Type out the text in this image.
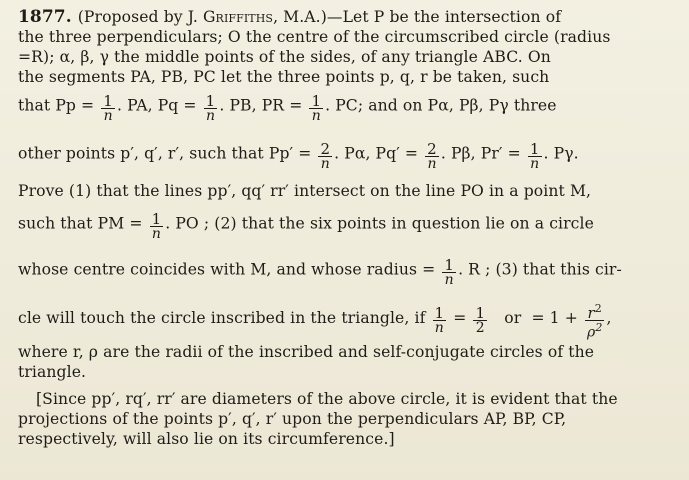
1877. (Proposed by J. Griffiths, M.A.)—Let P be the intersection of
the three perpendiculars; O the centre of the circumscribed circle (radius
=R); α, β, γ the middle points of the sides, of any triangle ABC. On
the segments PA, PB, PC let the three points p, q, r be taken, such
that $Pp = \frac{1}{n}$ . PA, $Pq = \frac{1}{n}$ . PB, PR = $\frac{1}{n}$ . PC; and on Pα, Pβ, Pγ three
other points p′, q′, r′, such that $Pp' = \frac{2}{n}$ . Pα, $Pq' = \frac{2}{n}$ . Pβ, $Pr' = \frac{1}{n}$ . Pγ.
Prove (1) that the lines pp′, qq′ rr′ intersect on the line PO in a point M,
such that PM = $\frac{1}{n}$ . PO ; (2) that the six points in question lie on a circle
whose centre coincides with M, and whose radius = $\frac{1}{n}$ . R ; (3) that this cir-
cle will touch the circle inscribed in the triangle, if $\frac{1}{n} = \frac{1}{2}$ or = $1 + \frac{r^2}{\rho^2}$ ,
where r, ρ are the radii of the inscribed and self-conjugate circles of the
triangle.
[Since pp′, rq′, rr′ are diameters of the above circle, it is evident that the
projections of the points p′, q′, r′ upon the perpendiculars AP, BP, CP,
respectively, will also lie on its circumference.]
